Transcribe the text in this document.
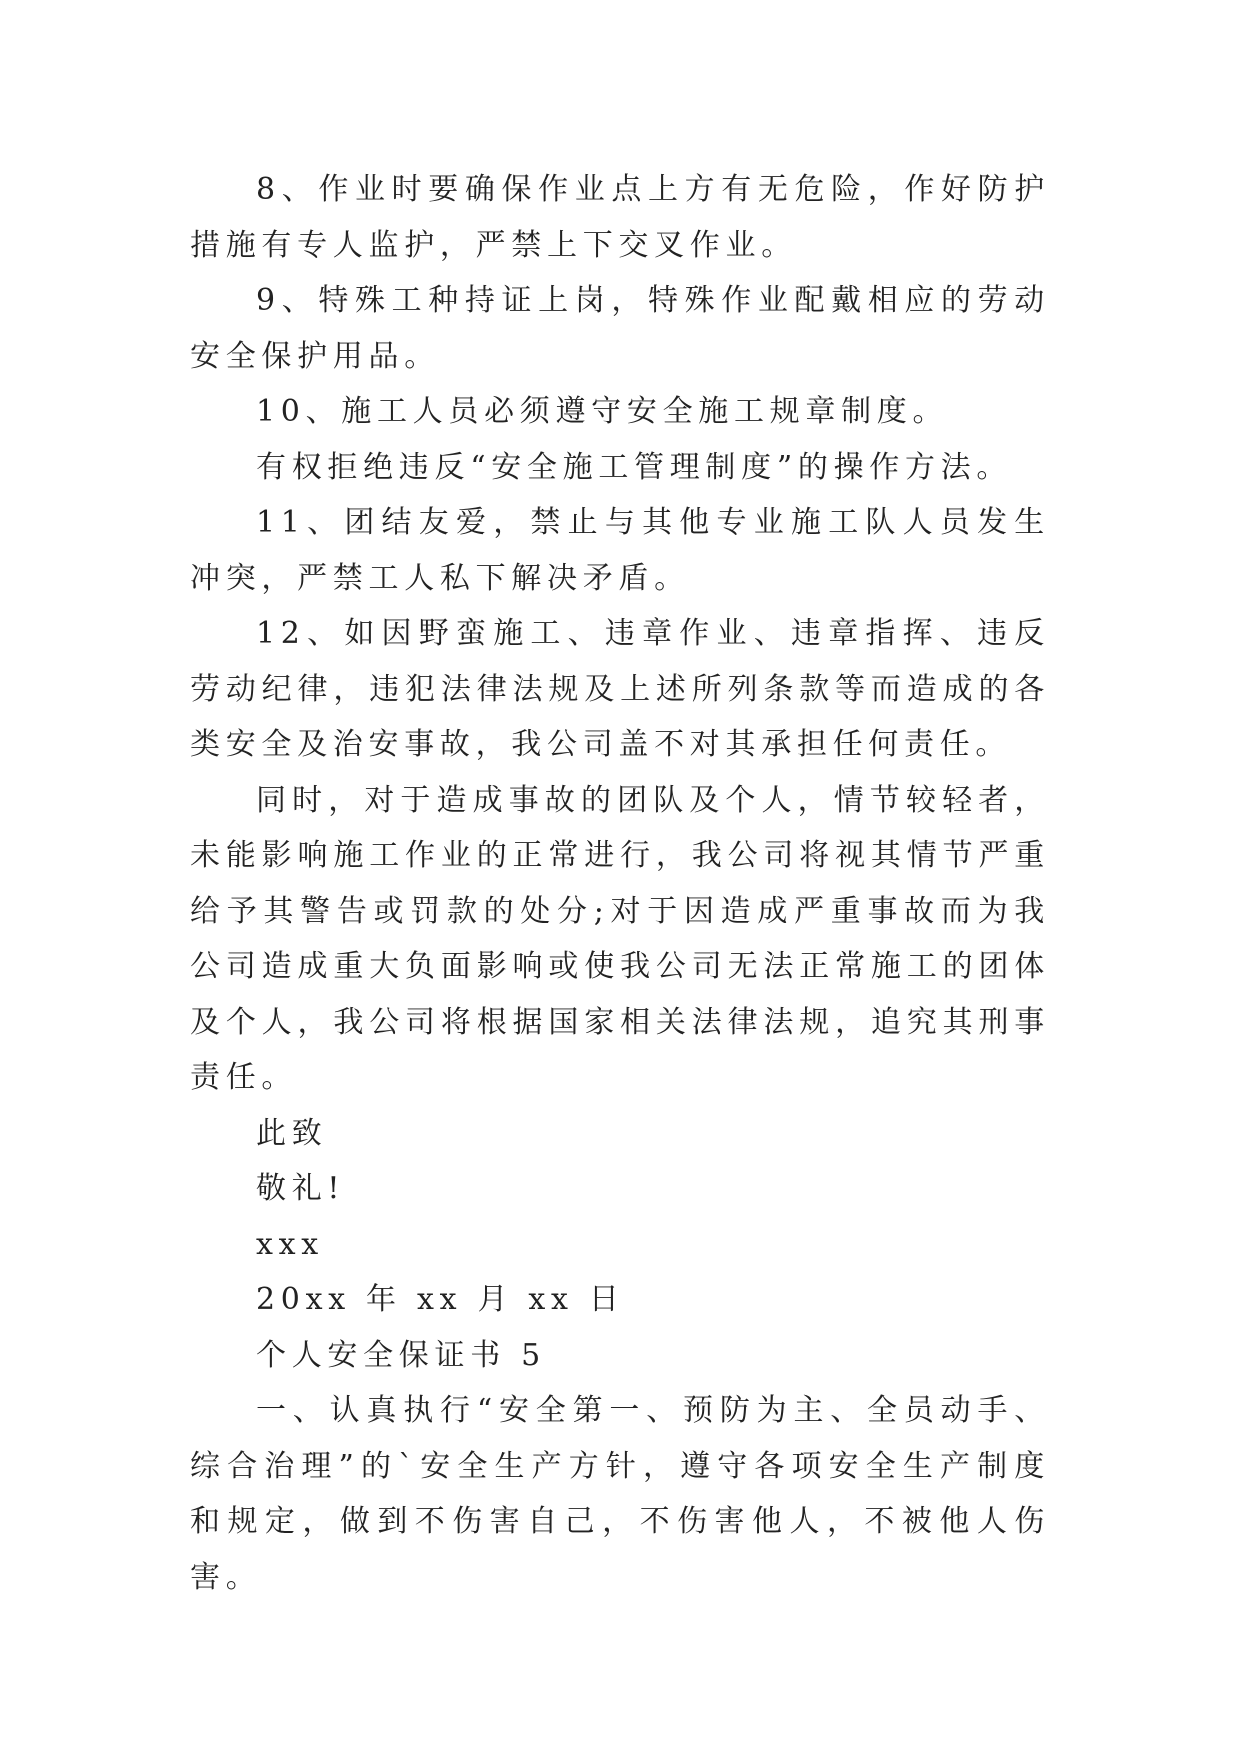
8、作业时要确保作业点上方有无危险，作好防护措施有专人监护，严禁上下交叉作业。

9、特殊工种持证上岗，特殊作业配戴相应的劳动安全保护用品。

10、施工人员必须遵守安全施工规章制度。

有权拒绝违反“安全施工管理制度”的操作方法。

11、团结友爱，禁止与其他专业施工队人员发生冲突，严禁工人私下解决矛盾。

12、如因野蛮施工、违章作业、违章指挥、违反劳动纪律，违犯法律法规及上述所列条款等而造成的各类安全及治安事故，我公司盖不对其承担任何责任。

同时，对于造成事故的团队及个人，情节较轻者，未能影响施工作业的正常进行，我公司将视其情节严重给予其警告或罚款的处分;对于因造成严重事故而为我公司造成重大负面影响或使我公司无法正常施工的团体及个人，我公司将根据国家相关法律法规，追究其刑事责任。

此致

敬礼!

xxx

20xx 年 xx 月 xx 日

个人安全保证书 5

一、认真执行“安全第一、预防为主、全员动手、综合治理”的`安全生产方针，遵守各项安全生产制度和规定，做到不伤害自己，不伤害他人，不被他人伤害。
